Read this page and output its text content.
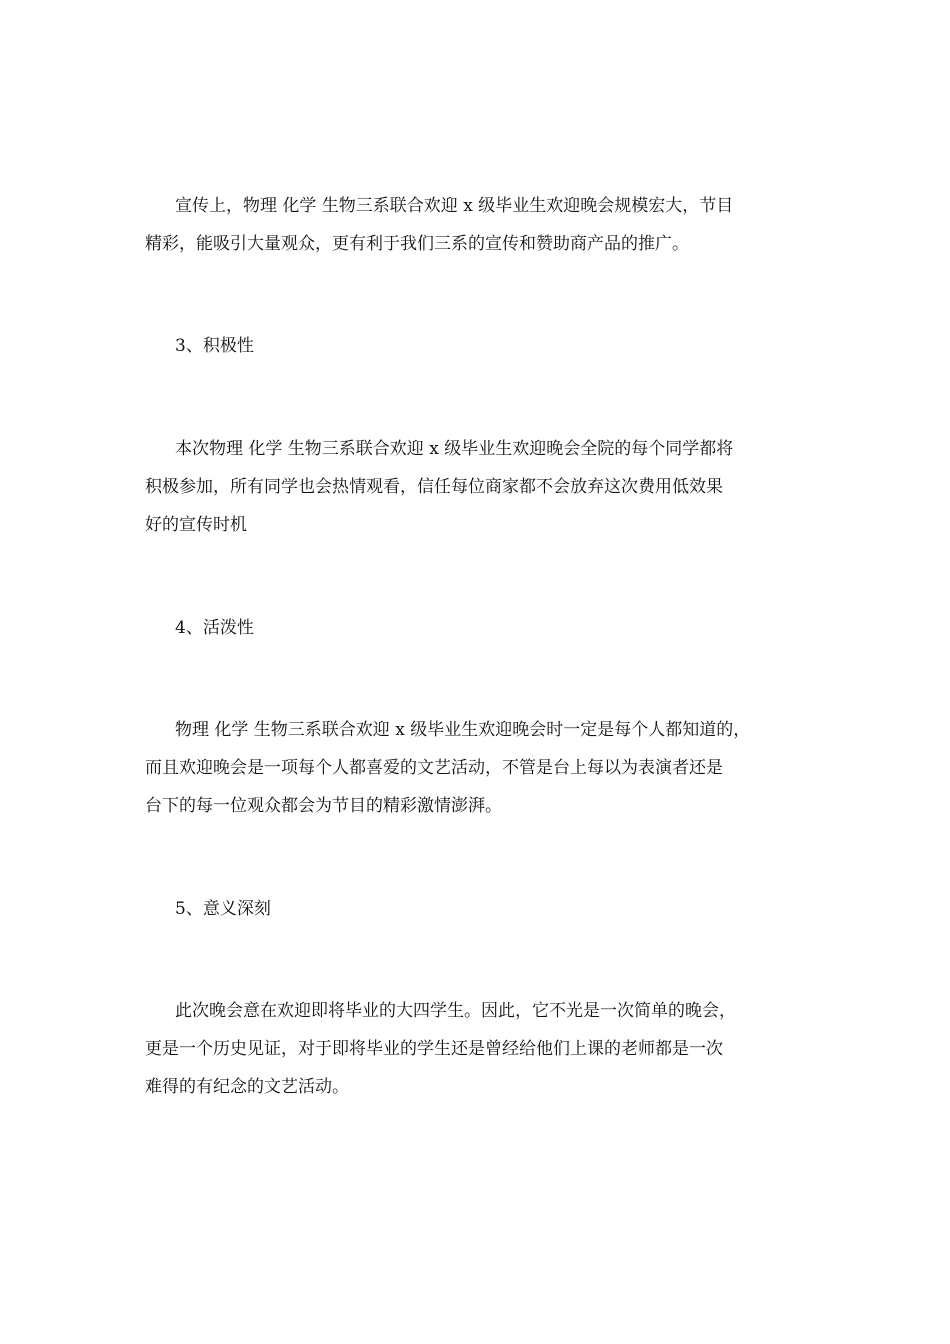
宣传上，物理 化学 生物三系联合欢迎 x 级毕业生欢迎晚会规模宏大，节目
精彩，能吸引大量观众，更有利于我们三系的宣传和赞助商产品的推广。
3、积极性
本次物理 化学 生物三系联合欢迎 x 级毕业生欢迎晚会全院的每个同学都将
积极参加，所有同学也会热情观看，信任每位商家都不会放弃这次费用低效果
好的宣传时机
4、活泼性
物理 化学 生物三系联合欢迎 x 级毕业生欢迎晚会时一定是每个人都知道的，
而且欢迎晚会是一项每个人都喜爱的文艺活动，不管是台上每以为表演者还是
台下的每一位观众都会为节目的精彩激情澎湃。
5、意义深刻
此次晚会意在欢迎即将毕业的大四学生。因此，它不光是一次简单的晚会，
更是一个历史见证，对于即将毕业的学生还是曾经给他们上课的老师都是一次
难得的有纪念的文艺活动。
